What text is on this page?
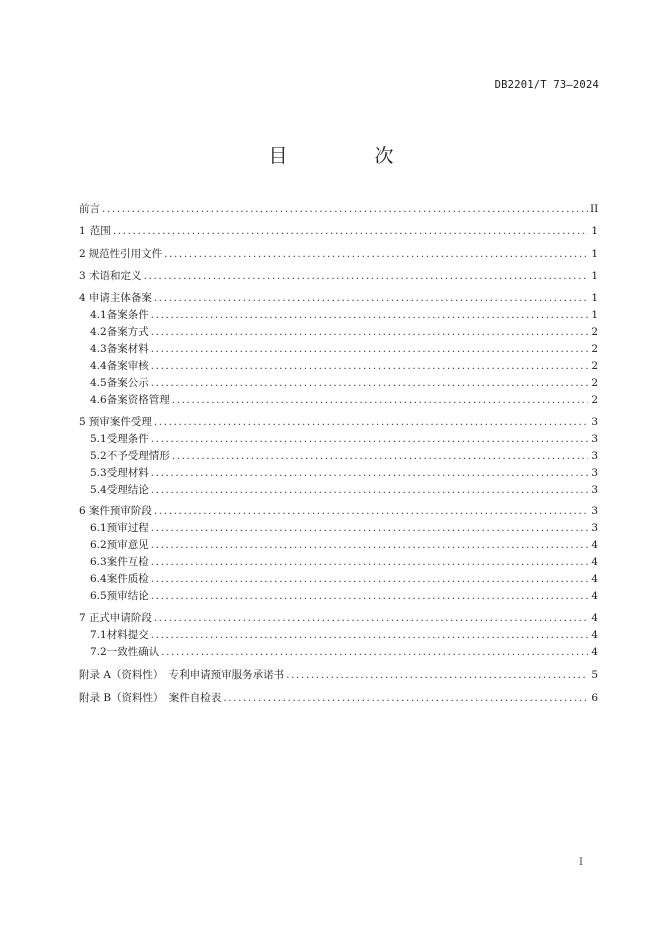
DB2201/T 73—2024
目　次
前言 .....	II
1 范围 .....	1
2 规范性引用文件 .....	1
3 术语和定义 .....	1
4 申请主体备案 .....	1
4.1 备案条件 .....	1
4.2 备案方式 .....	2
4.3 备案材料 .....	2
4.4 备案审核 .....	2
4.5 备案公示 .....	2
4.6 备案资格管理 .....	2
5 预审案件受理 .....	3
5.1 受理条件 .....	3
5.2 不予受理情形 .....	3
5.3 受理材料 .....	3
5.4 受理结论 .....	3
6 案件预审阶段 .....	3
6.1 预审过程 .....	3
6.2 预审意见 .....	4
6.3 案件互检 .....	4
6.4 案件质检 .....	4
6.5 预审结论 .....	4
7 正式申请阶段 .....	4
7.1 材料提交 .....	4
7.2 一致性确认 .....	4
附录 A（资料性）　专利申请预审服务承诺书 .....	5
附录 B（资料性）　案件自检表 .....	6
I
